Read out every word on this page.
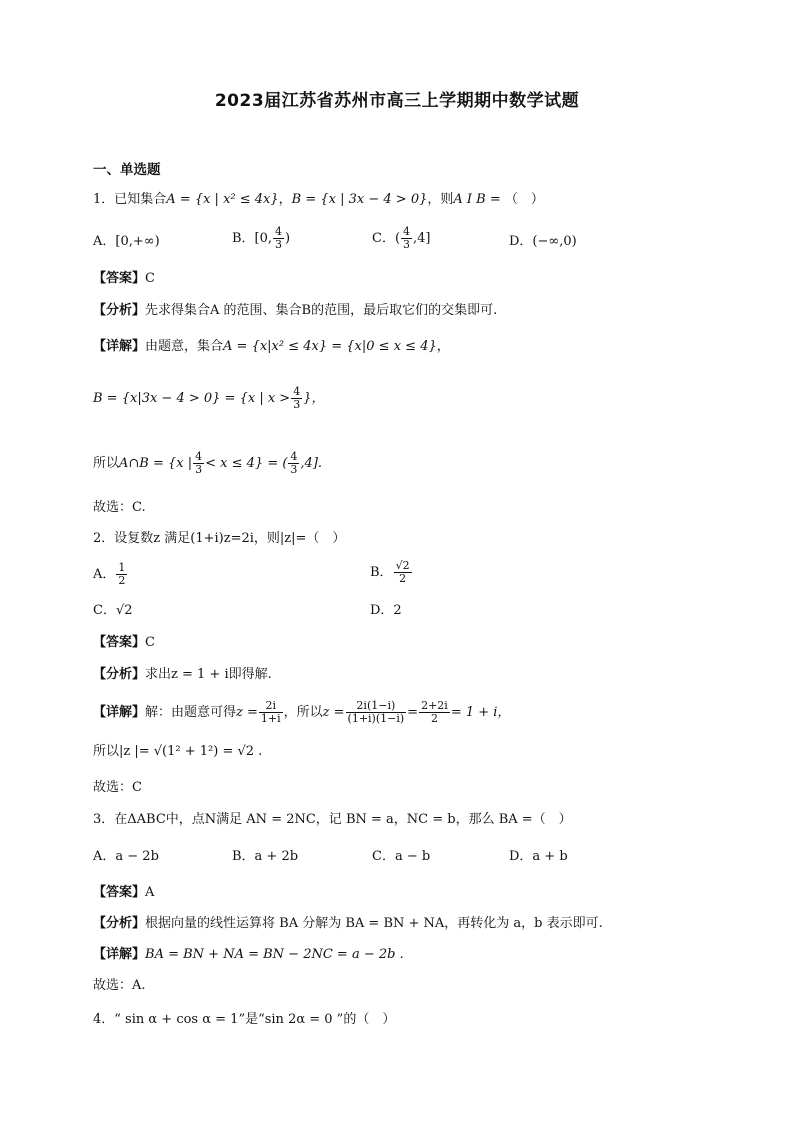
2023届江苏省苏州市高三上学期期中数学试题
一、单选题
1．已知集合A = {x | x² ≤ 4x}，B = {x | 3x − 4 > 0}，则A I B = （　）
A．[0,+∞)	B．[0, $\frac{4}{3}$ )	C．( $\frac{4}{3} ,4$]	D．(−∞,0)
【答案】C
【分析】先求得集合A 的范围、集合B的范围，最后取它们的交集即可.
【详解】由题意，集合A = {x|x² ≤ 4x} = {x|0 ≤ x ≤ 4}，
B = {x|3x − 4 > 0} = {x | $x > \frac{4}{3}$ }，
所以A∩B = {x | $\frac{4}{3} < x \le 4$} = ( $\frac{4}{3} ,4$].
故选：C.
2．设复数z 满足(1+i)z=2i，则|z|=（　）
A． $\frac{1}{2}$	B． $\frac{√2}{2}$
C．√2	D．2
【答案】C
【分析】求出z = 1 + i即得解.
【详解】解：由题意可得$z = \frac{2i}{1+i}$ ，所以$z = \frac{2i(1-i)}{(1+i)(1-i)} = \frac{2+2i}{2} = 1 + i$，
所以|z |= √(1² + 1²) = √2 .
故选：C
3．在ΔABC中，点N满足 AN = 2NC，记 BN = a，NC = b，那么 BA =（　）
A．a − 2b	B．a + 2b	C．a − b	D．a + b
【答案】A
【分析】根据向量的线性运算将 BA 分解为 BA = BN + NA，再转化为 a，b 表示即可.
【详解】BA = BN + NA = BN − 2NC = a − 2b .
故选：A.
4．“ sin α + cos α = 1”是“sin 2α = 0 ”的（　）
